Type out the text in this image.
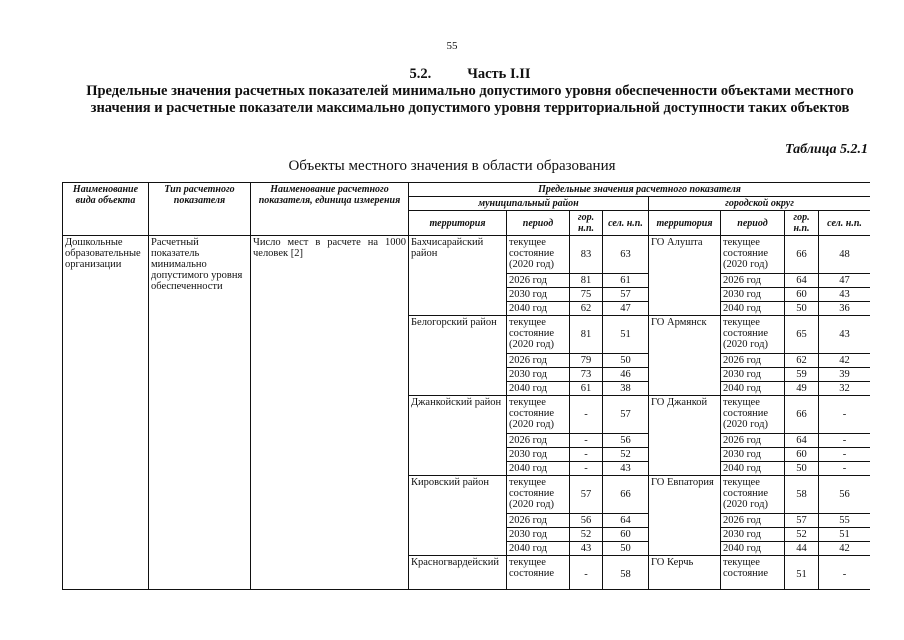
55
5.2. Часть I.II
Предельные значения расчетных показателей минимально допустимого уровня обеспеченности объектами местного значения и расчетные показатели максимально допустимого уровня территориальной доступности таких объектов
Таблица 5.2.1
Объекты местного значения в области образования
Наименование вида объекта	Тип расчетного показателя	Наименование расчетного показателя, единица измерения	Предельные значения расчетного показателя							
			муниципальный район				городской округ			
			территория	период	гор. н.п.	сел. н.п.	территория	период	гор. н.п.	сел. н.п.
Дошкольные образовательные организации	Расчетный показатель минимально допустимого уровня обеспеченности	Число мест в расчете на 1000 человек [2]	Бахчисарайский район	текущее состояние (2020 год)	83	63	ГО Алушта	текущее состояние (2020 год)	66	48
				2026 год	81	61		2026 год	64	47
				2030 год	75	57		2030 год	60	43
				2040 год	62	47		2040 год	50	36
			Белогорский район	текущее состояние (2020 год)	81	51	ГО Армянск	текущее состояние (2020 год)	65	43
				2026 год	79	50		2026 год	62	42
				2030 год	73	46		2030 год	59	39
				2040 год	61	38		2040 год	49	32
			Джанкойский район	текущее состояние (2020 год)	-	57	ГО Джанкой	текущее состояние (2020 год)	66	-
				2026 год	-	56		2026 год	64	-
				2030 год	-	52		2030 год	60	-
				2040 год	-	43		2040 год	50	-
			Кировский район	текущее состояние (2020 год)	57	66	ГО Евпатория	текущее состояние (2020 год)	58	56
				2026 год	56	64		2026 год	57	55
				2030 год	52	60		2030 год	52	51
				2040 год	43	50		2040 год	44	42
			Красногвардейский	текущее состояние	-	58	ГО Керчь	текущее состояние	51	-
